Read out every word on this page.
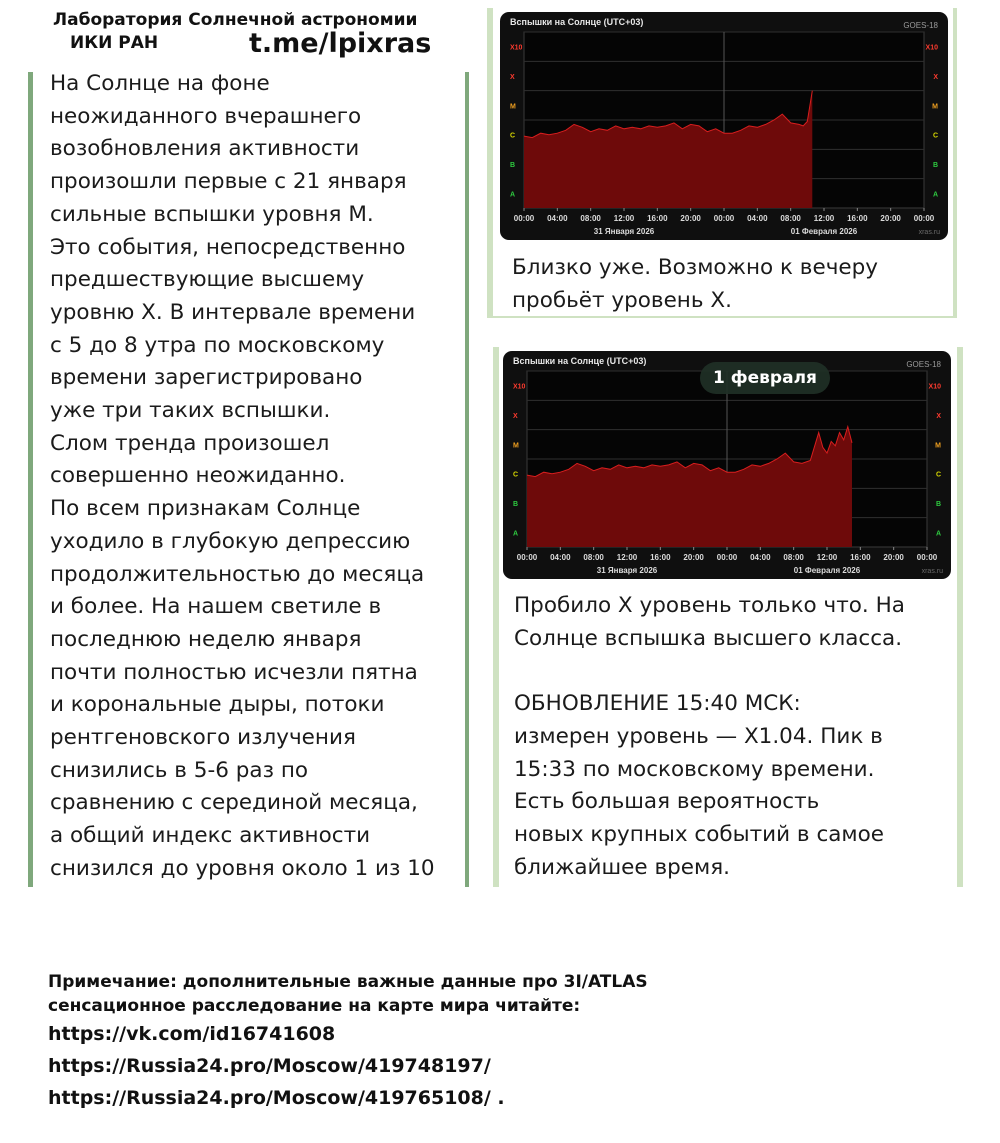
Лаборатория Солнечной астрономии
ИКИ РАН	t.me/lpixras
На Солнце на фоне
неожиданного вчерашнего
возобновления активности
произошли первые с 21 января
сильные вспышки уровня М.
Это события, непосредственно
предшествующие высшему
уровню Х. В интервале времени
с 5 до 8 утра по московскому
времени зарегистрировано
уже три таких вспышки.
Слом тренда произошел
совершенно неожиданно.
По всем признакам Солнце
уходило в глубокую депрессию
продолжительностью до месяца
и более. На нашем светиле в
последнюю неделю января
почти полностью исчезли пятна
и корональные дыры, потоки
рентгеновского излучения
снизились в 5-6 раз по
сравнению с серединой месяца,
а общий индекс активности
снизился до уровня около 1 из 10
Вспышки на Солнце (UTC+03)	GOES-18
A	A
B	B
C	C
M	M
X	X
X10	X10
00:00 04:00 08:00 12:00 16:00 20:00 00:00 04:00 08:00 12:00 16:00 20:00 00:00
31 Января 2026	01 Февраля 2026	xras.ru
Близко уже. Возможно к вечеру
пробьёт уровень Х.
Вспышки на Солнце (UTC+03)	GOES-18
A	A
B	B
C	C
M	M
X	X
X10	X10
00:00 04:00 08:00 12:00 16:00 20:00 00:00 04:00 08:00 12:00 16:00 20:00 00:00
31 Января 2026	01 Февраля 2026	xras.ru
1 февраля
Пробило Х уровень только что. На
Солнце вспышка высшего класса.

ОБНОВЛЕНИЕ 15:40 МСК:
измерен уровень — Х1.04. Пик в
15:33 по московскому времени.
Есть большая вероятность
новых крупных событий в самое
ближайшее время.
Примечание: дополнительные важные данные про 3I/ATLAS
сенсационное расследование на карте мира читайте:
https://vk.com/id16741608
https://Russia24.pro/Moscow/419748197/
https://Russia24.pro/Moscow/419765108/ .
